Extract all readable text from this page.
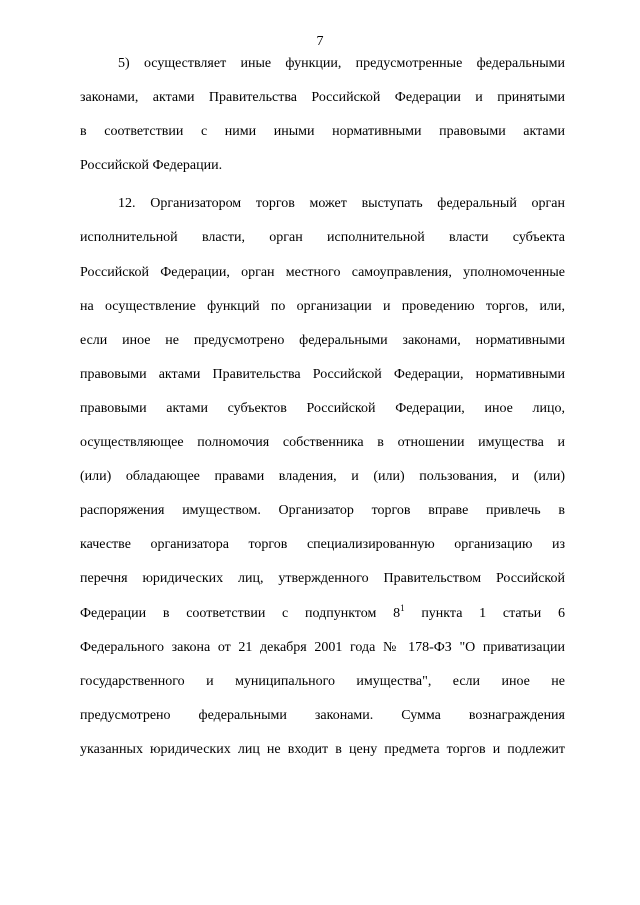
7
5) осуществляет иные функции, предусмотренные федеральными
законами, актами Правительства Российской Федерации и принятыми
в соответствии с ними иными нормативными правовыми актами
Российской Федерации.
12. Организатором торгов может выступать федеральный орган
исполнительной власти, орган исполнительной власти субъекта
Российской Федерации, орган местного самоуправления, уполномоченные
на осуществление функций по организации и проведению торгов, или,
если иное не предусмотрено федеральными законами, нормативными
правовыми актами Правительства Российской Федерации, нормативными
правовыми актами субъектов Российской Федерации, иное лицо,
осуществляющее полномочия собственника в отношении имущества и
(или) обладающее правами владения, и (или) пользования, и (или)
распоряжения имуществом. Организатор торгов вправе привлечь в
качестве организатора торгов специализированную организацию из
перечня юридических лиц, утвержденного Правительством Российской
Федерации в соответствии с подпунктом $8^1$ пункта 1 статьи 6
Федерального закона от 21 декабря 2001 года № 178-ФЗ "О приватизации
государственного и муниципального имущества", если иное не
предусмотрено федеральными законами. Сумма вознаграждения
указанных юридических лиц не входит в цену предмета торгов и подлежит
